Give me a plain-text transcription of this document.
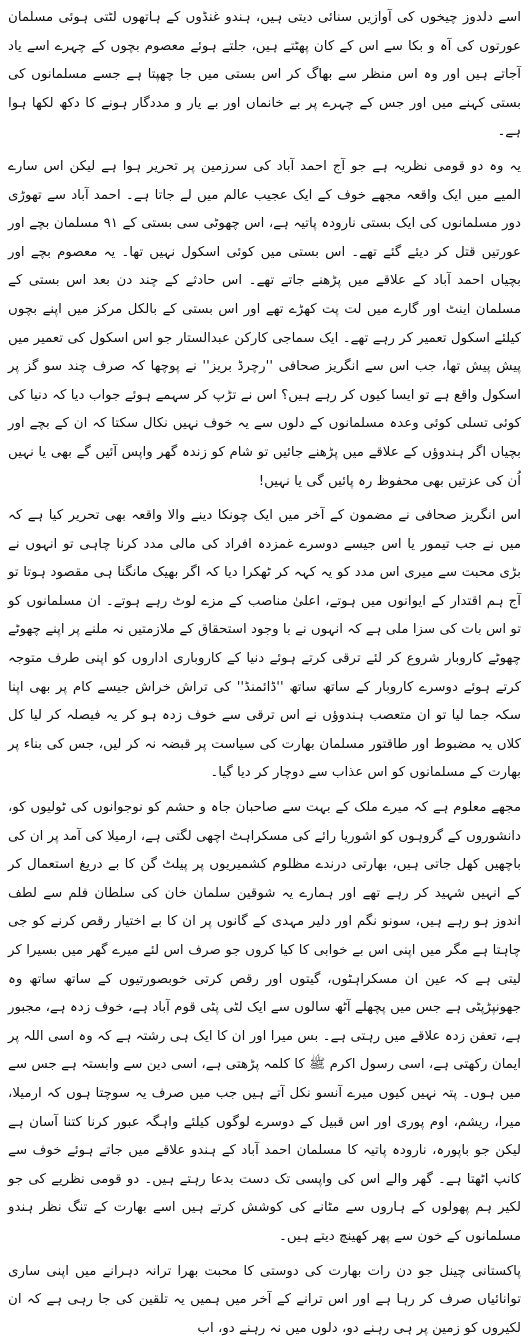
اسے دلدوز چیخوں کی آوازیں سنائی دیتی ہیں، ہندو غنڈوں کے ہاتھوں لٹتی ہوئی مسلمان عورتوں کی آہ و بکا سے اس کے کان پھٹتے ہیں، جلتے ہوئے معصوم بچوں کے چہرے اسے یاد آجاتے ہیں اور وہ اس منظر سے بھاگ کر اس بستی میں جا چھپتا ہے جسے مسلمانوں کی بستی کہنے میں اور جس کے چہرے پر بے خانماں اور بے یار و مددگار ہونے کا دکھ لکھا ہوا ہے۔

یہ وہ دو قومی نظریہ ہے جو آج احمد آباد کی سرزمین پر تحریر ہوا ہے لیکن اس سارے المیے میں ایک واقعہ مجھے خوف کے ایک عجیب عالم میں لے جاتا ہے۔ احمد آباد سے تھوڑی دور مسلمانوں کی ایک بستی نارودہ پاتیہ ہے، اس چھوٹی سی بستی کے ۹۱ مسلمان بچے اور عورتیں قتل کر دیئے گئے تھے۔ اس بستی میں کوئی اسکول نہیں تھا۔ یہ معصوم بچے اور بچیاں احمد آباد کے علاقے میں پڑھنے جاتے تھے۔ اس حادثے کے چند دن بعد اس بستی کے مسلمان اینٹ اور گارے میں لت پت کھڑے تھے اور اس بستی کے بالکل مرکز میں اپنے بچوں کیلئے اسکول تعمیر کر رہے تھے۔ ایک سماجی کارکن عبدالستار جو اس اسکول کی تعمیر میں پیش پیش تھا، جب اس سے انگریز صحافی ''رچرڈ بریز'' نے پوچھا کہ صرف چند سو گز پر اسکول واقع ہے تو ایسا کیوں کر رہے ہیں؟ اس نے تڑپ کر سہمے ہوئے جواب دیا کہ دنیا کی کوئی تسلی کوئی وعدہ مسلمانوں کے دلوں سے یہ خوف نہیں نکال سکتا کہ ان کے بچے اور بچیاں اگر ہندوؤں کے علاقے میں پڑھنے جائیں تو شام کو زندہ گھر واپس آئیں گے بھی یا نہیں اُن کی عزتیں بھی محفوظ رہ پائیں گی یا نہیں!

اس انگریز صحافی نے مضمون کے آخر میں ایک چونکا دینے والا واقعہ بھی تحریر کیا ہے کہ میں نے جب تیمور یا اس جیسے دوسرے غمزدہ افراد کی مالی مدد کرنا چاہی تو انہوں نے بڑی محبت سے میری اس مدد کو یہ کہہ کر ٹھکرا دیا کہ اگر بھیک مانگنا ہی مقصود ہوتا تو آج ہم اقتدار کے ایوانوں میں ہوتے، اعلیٰ مناصب کے مزے لوٹ رہے ہوتے۔ ان مسلمانوں کو تو اس بات کی سزا ملی ہے کہ انہوں نے با وجود استحقاق کے ملازمتیں نہ ملنے پر اپنے چھوٹے چھوٹے کاروبار شروع کر لئے ترقی کرتے ہوئے دنیا کے کاروباری اداروں کو اپنی طرف متوجہ کرتے ہوئے دوسرے کاروبار کے ساتھ ساتھ ''ڈائمنڈ'' کی تراش خراش جیسے کام پر بھی اپنا سکہ جما لیا تو ان متعصب ہندوؤں نے اس ترقی سے خوف زدہ ہو کر یہ فیصلہ کر لیا کل کلاں یہ مضبوط اور طاقتور مسلمان بھارت کی سیاست پر قبضہ نہ کر لیں، جس کی بناء پر بھارت کے مسلمانوں کو اس عذاب سے دوچار کر دیا گیا۔

مجھے معلوم ہے کہ میرے ملک کے بہت سے صاحبان جاہ و حشم کو نوجوانوں کی ٹولیوں کو، دانشوروں کے گروہوں کو اشوریا رائے کی مسکراہٹ اچھی لگتی ہے، ارمیلا کی آمد پر ان کی باچھیں کھل جاتی ہیں، بھارتی درندے مظلوم کشمیریوں پر پیلٹ گن کا بے دریغ استعمال کر کے انہیں شہید کر رہے تھے اور ہمارے یہ شوقین سلمان خان کی سلطان فلم سے لطف اندوز ہو رہے ہیں، سونو نگم اور دلیر مہدی کے گانوں پر ان کا بے اختیار رقص کرنے کو جی چاہتا ہے مگر میں اپنی اس بے خوابی کا کیا کروں جو صرف اس لئے میرے گھر میں بسیرا کر لیتی ہے کہ عین ان مسکراہٹوں، گیتوں اور رقص کرتی خوبصورتیوں کے ساتھ ساتھ وہ جھونپڑپٹی ہے جس میں پچھلے آٹھ سالوں سے ایک لٹی پٹی قوم آباد ہے، خوف زدہ ہے، مجبور ہے، تعفن زدہ علاقے میں رہتی ہے۔ بس میرا اور ان کا ایک ہی رشتہ ہے کہ وہ اسی اللہ پر ایمان رکھتی ہے، اسی رسول اکرم ﷺ کا کلمہ پڑھتی ہے، اسی دین سے وابستہ ہے جس سے میں ہوں۔ پتہ نہیں کیوں میرے آنسو نکل آتے ہیں جب میں صرف یہ سوچتا ہوں کہ ارمیلا، میرا، ریشم، اوم پوری اور اس قبیل کے دوسرے لوگوں کیلئے واہگہ عبور کرنا کتنا آسان ہے لیکن جو باپورہ، نارودہ پاتیہ کا مسلمان احمد آباد کے ہندو علاقے میں جاتے ہوئے خوف سے کانپ اٹھتا ہے۔ گھر والے اس کی واپسی تک دست بدعا رہتے ہیں۔ دو قومی نظریے کی جو لکیر ہم پھولوں کے ہاروں سے مٹانے کی کوشش کرتے ہیں اسے بھارت کے تنگ نظر ہندو مسلمانوں کے خون سے پھر کھینچ دیتے ہیں۔

پاکستانی چینل جو دن رات بھارت کی دوستی کا محبت بھرا ترانہ دہرانے میں اپنی ساری توانائیاں صرف کر رہا ہے اور اس ترانے کے آخر میں ہمیں یہ تلقین کی جا رہی ہے کہ ان لکیروں کو زمین پر ہی رہنے دو، دلوں میں نہ رہنے دو، اب
